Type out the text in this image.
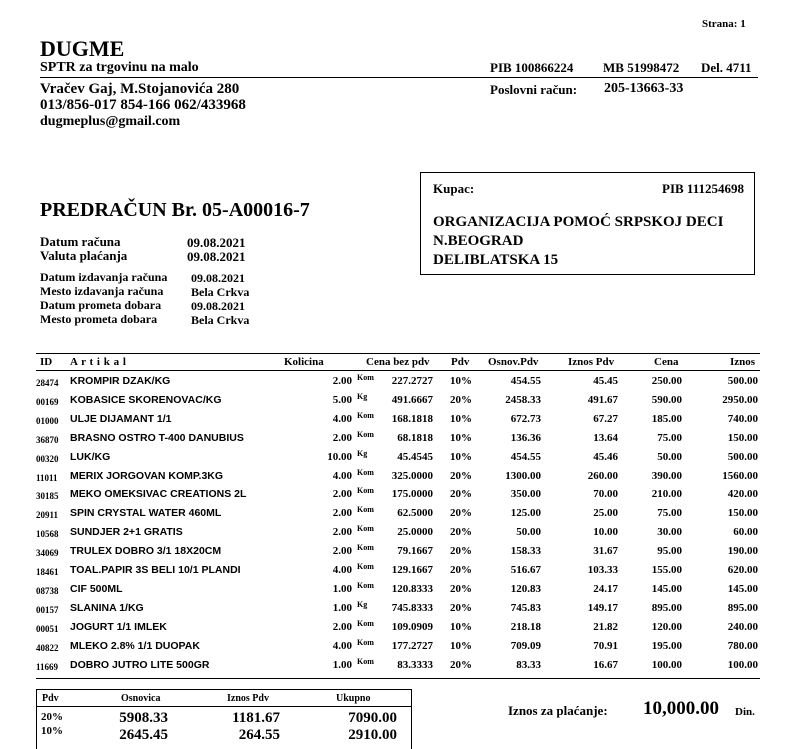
Strana: 1
DUGME
SPTR za trgovinu na malo	PIB 100866224 MB 51998472 Del. 4711
Vračev Gaj, M.Stojanovića 280
013/856-017 854-166 062/433968
dugmeplus@gmail.com
Poslovni račun: 205-13663-33
PREDRAČUN Br. 05-A00016-7
Datum računa	09.08.2021
Valuta plaćanja	09.08.2021
Datum izdavanja računa 09.08.2021
Mesto izdavanja računa Bela Crkva
Datum prometa dobara 09.08.2021
Mesto prometa dobara	Bela Crkva
Kupac:	PIB 111254698
ORGANIZACIJA POMOĆ SRPSKOJ DECI
N.BEOGRAD
DELIBLATSKA 15
ID A r t i k a l	Kolicina	Cena bez pdv Pdv Osnov.Pdv	Iznos Pdv	Cena	Iznos
28474 KROMPIR DZAK/KG	2.00 Kom 227.2727 10%	454.55	45.45	250.00	500.00
00169 KOBASICE SKORENOVAC/KG	5.00 Kg 491.6667 20%	2458.33	491.67	590.00	2950.00
01000 ULJE DIJAMANT 1/1	4.00 Kom 168.1818 10%	672.73	67.27	185.00	740.00
36870 BRASNO OSTRO T-400 DANUBIUS	2.00 Kom 68.1818 10%	136.36	13.64	75.00	150.00
00320 LUK/KG	10.00 Kg	45.4545 10%	454.55	45.46	50.00	500.00
11011 MERIX JORGOVAN KOMP.3KG	4.00 Kom 325.0000 20%	1300.00	260.00	390.00	1560.00
30185 MEKO OMEKSIVAC CREATIONS 2L	2.00 Kom 175.0000 20%	350.00	70.00	210.00	420.00
20911 SPIN CRYSTAL WATER 460ML	2.00 Kom 62.5000 20%	125.00	25.00	75.00	150.00
10568 SUNDJER 2+1 GRATIS	2.00 Kom 25.0000 20%	50.00	10.00	30.00	60.00
34069 TRULEX DOBRO 3/1 18X20CM	2.00 Kom 79.1667 20%	158.33	31.67	95.00	190.00
18461 TOAL.PAPIR 3S BELI 10/1 PLANDI	4.00 Kom 129.1667 20%	516.67	103.33	155.00	620.00
08738 CIF 500ML	1.00 Kom 120.8333 20%	120.83	24.17	145.00	145.00
00157 SLANINA 1/KG	1.00 Kg 745.8333 20%	745.83	149.17	895.00	895.00
00051 JOGURT 1/1 IMLEK	2.00 Kom 109.0909 10%	218.18	21.82	120.00	240.00
40822 MLEKO 2.8% 1/1 DUOPAK	4.00 Kom 177.2727 10%	709.09	70.91	195.00	780.00
11669 DOBRO JUTRO LITE 500GR	1.00 Kom 83.3333 20%	83.33	16.67	100.00	100.00
Pdv	Osnovica	Iznos Pdv	Ukupno
20%	5908.33	1181.67	7090.00
10%	2645.45	264.55	2910.00
Iznos za plaćanje: 10,000.00 Din.
